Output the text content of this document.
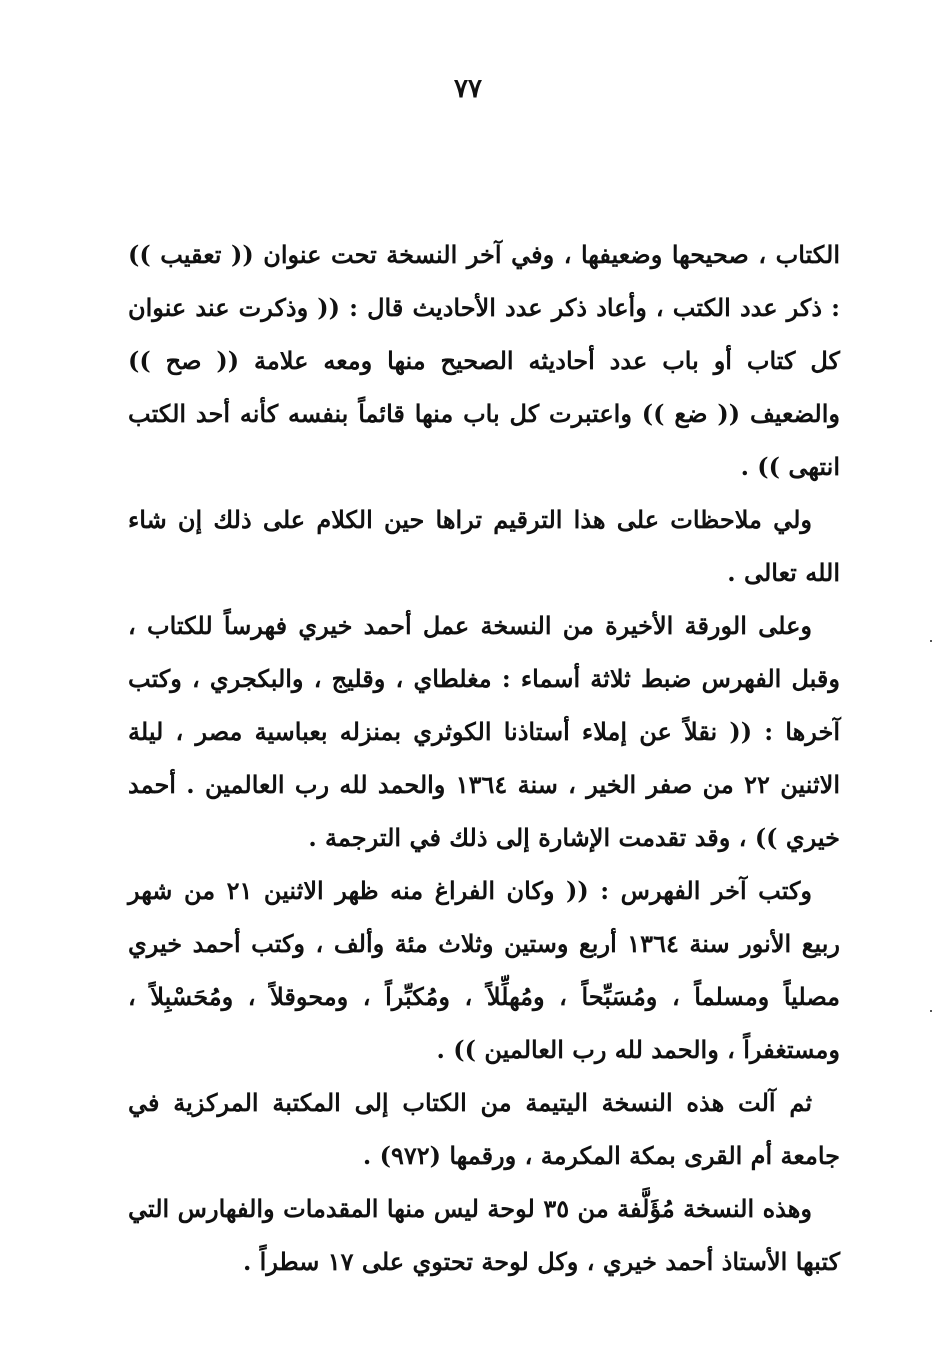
٧٧

الكتاب ، صحيحها وضعيفها ، وفي آخر النسخة تحت عنوان (( تعقيب )) : ذكر عدد الكتب ، وأعاد ذكر عدد الأحاديث قال : (( وذكرت عند عنوان كل كتاب أو باب عدد أحاديثه الصحيح منها ومعه علامة (( صح )) والضعيف (( ضع )) واعتبرت كل باب منها قائماً بنفسه كأنه أحد الكتب انتهى )) .

ولي ملاحظات على هذا الترقيم تراها حين الكلام على ذلك إن شاء الله تعالى .

وعلى الورقة الأخيرة من النسخة عمل أحمد خيري فهرساً للكتاب ، وقبل الفهرس ضبط ثلاثة أسماء : مغلطاي ، وقليج ، والبكجري ، وكتب آخرها : (( نقلاً عن إملاء أستاذنا الكوثري بمنزله بعباسية مصر ، ليلة الاثنين ٢٢ من صفر الخير ، سنة ١٣٦٤ والحمد لله رب العالمين . أحمد خيري )) ، وقد تقدمت الإشارة إلى ذلك في الترجمة .

وكتب آخر الفهرس : (( وكان الفراغ منه ظهر الاثنين ٢١ من شهر ربيع الأنور سنة ١٣٦٤ أربع وستين وثلاث مئة وألف ، وكتب أحمد خيري مصلياً ومسلماً ، ومُسَبِّحاً ، ومُهلِّلاً ، ومُكبِّراً ، ومحوقلاً ، ومُحَسْبِلاً ، ومستغفراً ، والحمد لله رب العالمين )) .

ثم آلت هذه النسخة اليتيمة من الكتاب إلى المكتبة المركزية في جامعة أم القرى بمكة المكرمة ، ورقمها (٩٧٢) .

وهذه النسخة مُؤَلَّفة من ٣٥ لوحة ليس منها المقدمات والفهارس التي كتبها الأستاذ أحمد خيري ، وكل لوحة تحتوي على ١٧ سطراً .
